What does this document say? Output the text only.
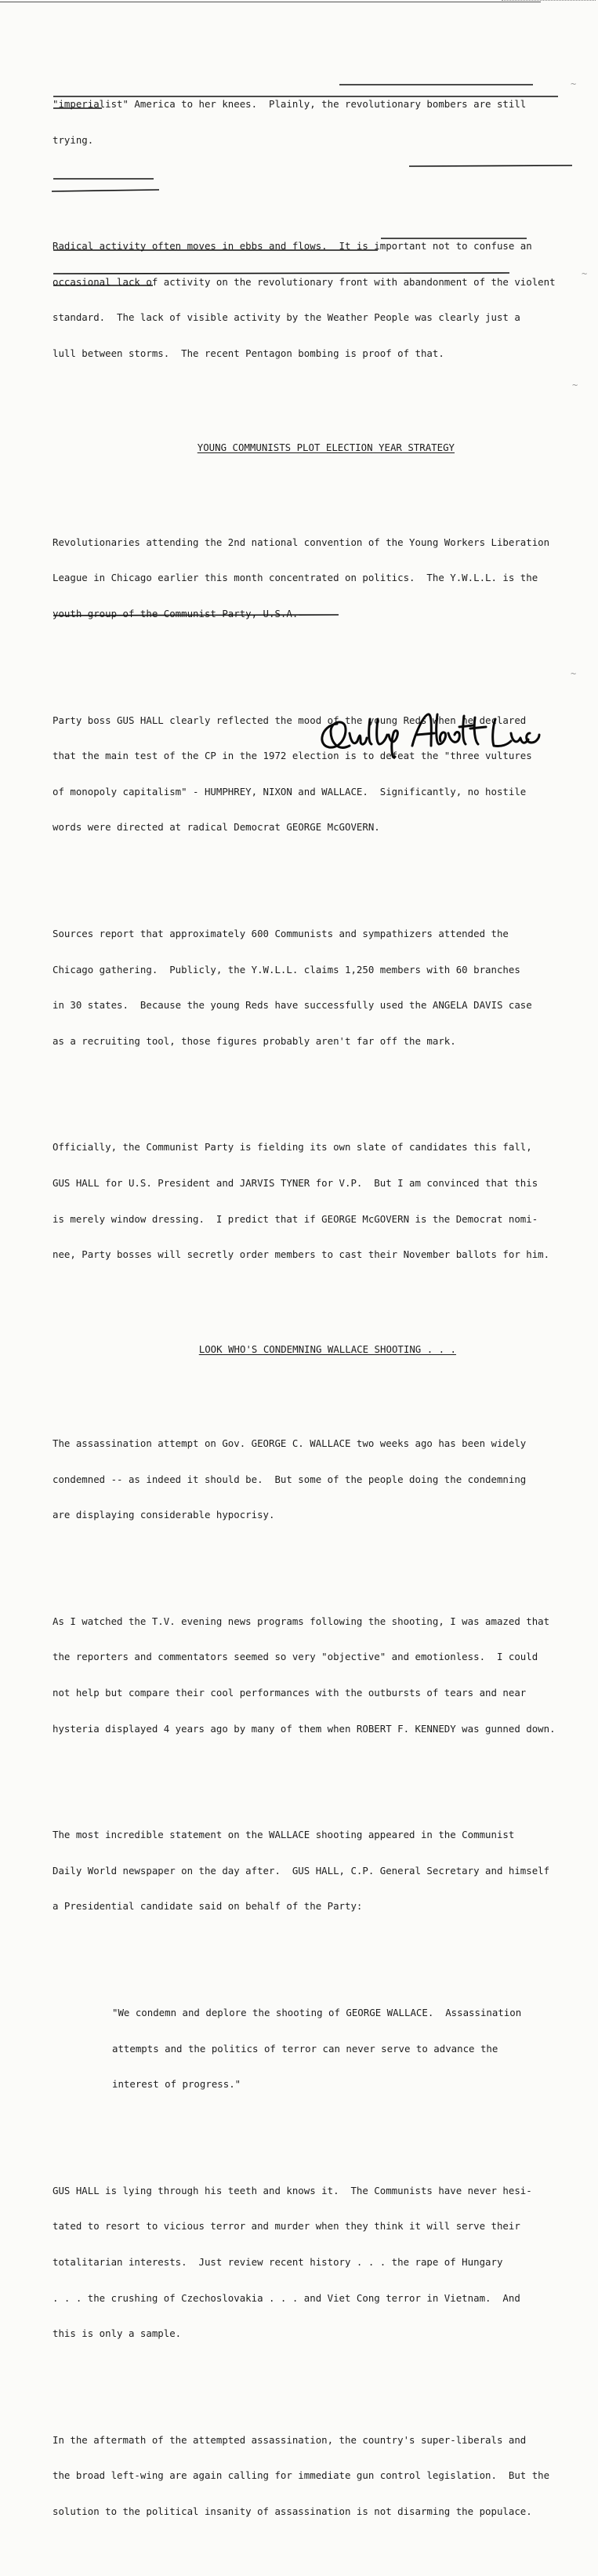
"imperialist" America to her knees.  Plainly, the revolutionary bombers are still

trying.

Radical activity often moves in ebbs and flows.  It is important not to confuse an

occasional lack of activity on the revolutionary front with abandonment of the violent

standard.  The lack of visible activity by the Weather People was clearly just a

lull between storms.  The recent Pentagon bombing is proof of that.

YOUNG COMMUNISTS PLOT ELECTION YEAR STRATEGY

Revolutionaries attending the 2nd national convention of the Young Workers Liberation

League in Chicago earlier this month concentrated on politics.  The Y.W.L.L. is the

youth group of the Communist Party, U.S.A.

Party boss GUS HALL clearly reflected the mood of the young Reds when he declared

that the main test of the CP in the 1972 election is to defeat the "three vultures

of monopoly capitalism" - HUMPHREY, NIXON and WALLACE.  Significantly, no hostile

words were directed at radical Democrat GEORGE McGOVERN.

Sources report that approximately 600 Communists and sympathizers attended the

Chicago gathering.  Publicly, the Y.W.L.L. claims 1,250 members with 60 branches

in 30 states.  Because the young Reds have successfully used the ANGELA DAVIS case

as a recruiting tool, those figures probably aren't far off the mark.

Officially, the Communist Party is fielding its own slate of candidates this fall,

GUS HALL for U.S. President and JARVIS TYNER for V.P.  But I am convinced that this

is merely window dressing.  I predict that if GEORGE McGOVERN is the Democrat nomi-

nee, Party bosses will secretly order members to cast their November ballots for him.

LOOK WHO'S CONDEMNING WALLACE SHOOTING . . .

The assassination attempt on Gov. GEORGE C. WALLACE two weeks ago has been widely

condemned -- as indeed it should be.  But some of the people doing the condemning

are displaying considerable hypocrisy.

As I watched the T.V. evening news programs following the shooting, I was amazed that

the reporters and commentators seemed so very "objective" and emotionless.  I could

not help but compare their cool performances with the outbursts of tears and near

hysteria displayed 4 years ago by many of them when ROBERT F. KENNEDY was gunned down.

The most incredible statement on the WALLACE shooting appeared in the Communist

Daily World newspaper on the day after.  GUS HALL, C.P. General Secretary and himself

a Presidential candidate said on behalf of the Party:

"We condemn and deplore the shooting of GEORGE WALLACE.  Assassination

attempts and the politics of terror can never serve to advance the

interest of progress."

GUS HALL is lying through his teeth and knows it.  The Communists have never hesi-

tated to resort to vicious terror and murder when they think it will serve their

totalitarian interests.  Just review recent history . . . the rape of Hungary

. . . the crushing of Czechoslovakia . . . and Viet Cong terror in Vietnam.  And

this is only a sample.

In the aftermath of the attempted assassination, the country's super-liberals and

the broad left-wing are again calling for immediate gun control legislation.  But the

solution to the political insanity of assassination is not disarming the populace.

~
~
~
~
